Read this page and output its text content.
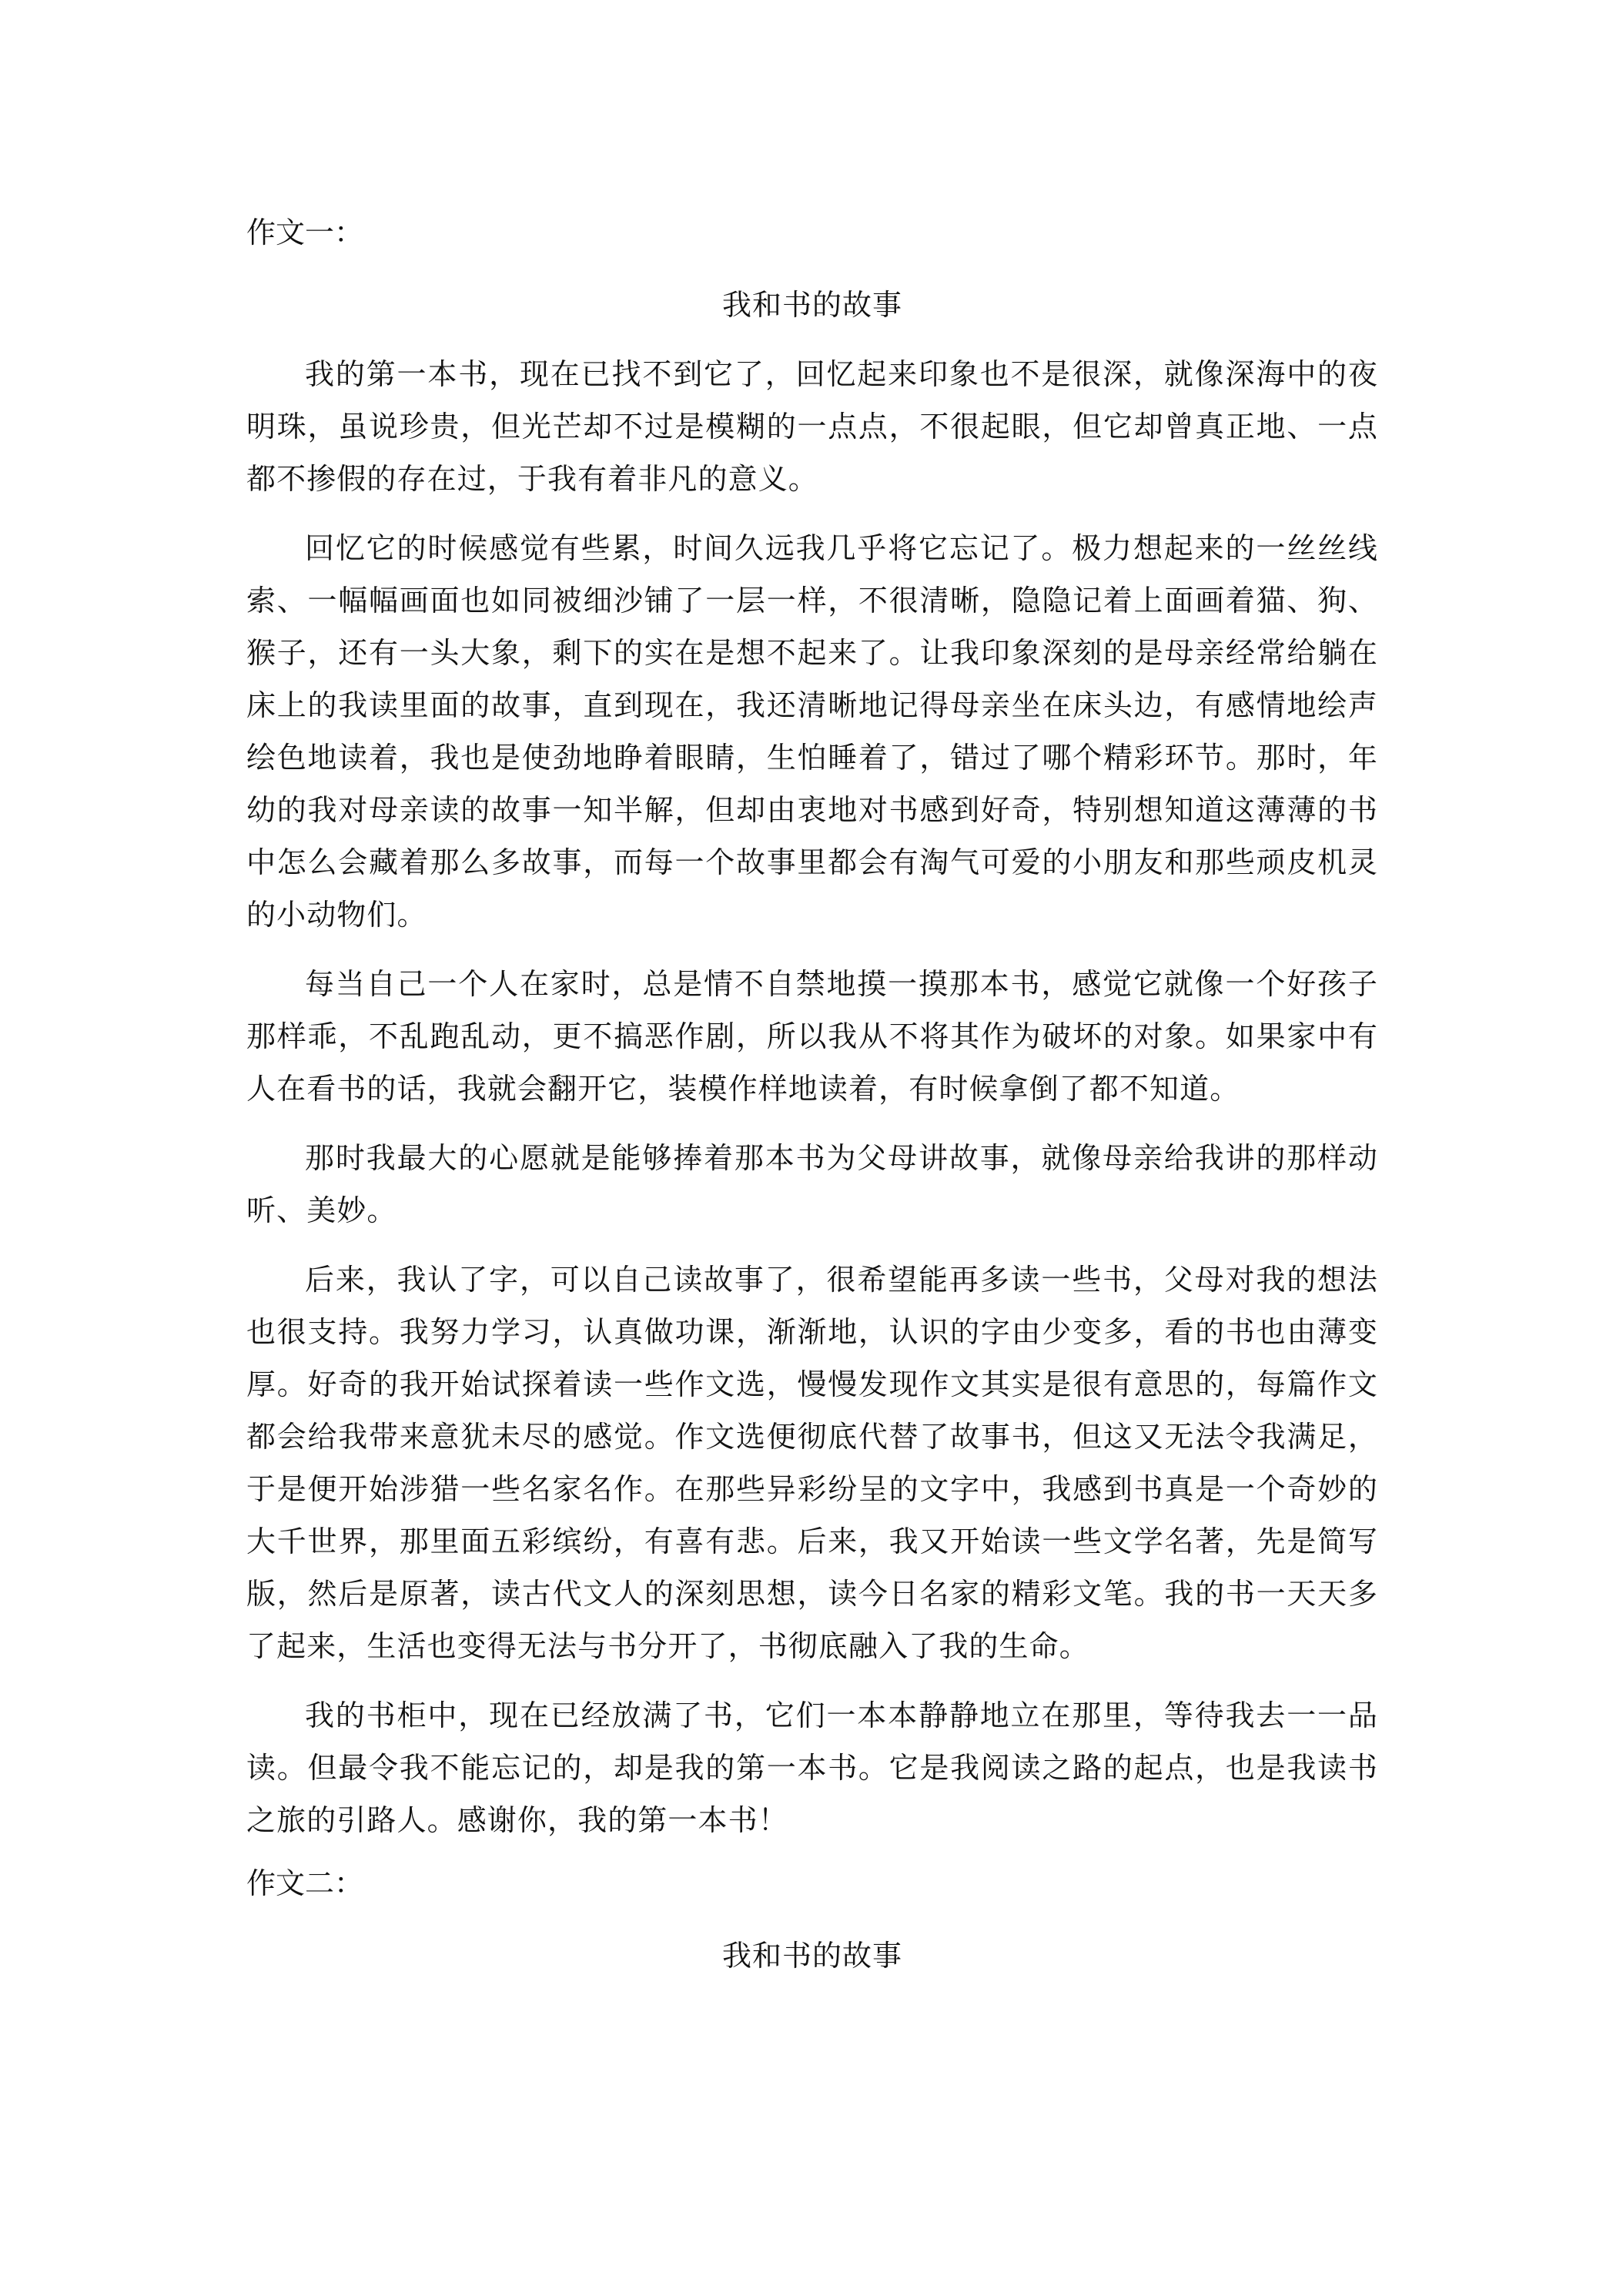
作文一：

我和书的故事

我的第一本书，现在已找不到它了，回忆起来印象也不是很深，就像深海中的夜明珠，虽说珍贵，但光芒却不过是模糊的一点点，不很起眼，但它却曾真正地、一点都不掺假的存在过，于我有着非凡的意义。

回忆它的时候感觉有些累，时间久远我几乎将它忘记了。极力想起来的一丝丝线索、一幅幅画面也如同被细沙铺了一层一样，不很清晰，隐隐记着上面画着猫、狗、猴子，还有一头大象，剩下的实在是想不起来了。让我印象深刻的是母亲经常给躺在床上的我读里面的故事，直到现在，我还清晰地记得母亲坐在床头边，有感情地绘声绘色地读着，我也是使劲地睁着眼睛，生怕睡着了，错过了哪个精彩环节。那时，年幼的我对母亲读的故事一知半解，但却由衷地对书感到好奇，特别想知道这薄薄的书中怎么会藏着那么多故事，而每一个故事里都会有淘气可爱的小朋友和那些顽皮机灵的小动物们。

每当自己一个人在家时，总是情不自禁地摸一摸那本书，感觉它就像一个好孩子那样乖，不乱跑乱动，更不搞恶作剧，所以我从不将其作为破坏的对象。如果家中有人在看书的话，我就会翻开它，装模作样地读着，有时候拿倒了都不知道。

那时我最大的心愿就是能够捧着那本书为父母讲故事，就像母亲给我讲的那样动听、美妙。

后来，我认了字，可以自己读故事了，很希望能再多读一些书，父母对我的想法也很支持。我努力学习，认真做功课，渐渐地，认识的字由少变多，看的书也由薄变厚。好奇的我开始试探着读一些作文选，慢慢发现作文其实是很有意思的，每篇作文都会给我带来意犹未尽的感觉。作文选便彻底代替了故事书，但这又无法令我满足，于是便开始涉猎一些名家名作。在那些异彩纷呈的文字中，我感到书真是一个奇妙的大千世界，那里面五彩缤纷，有喜有悲。后来，我又开始读一些文学名著，先是简写版，然后是原著，读古代文人的深刻思想，读今日名家的精彩文笔。我的书一天天多了起来，生活也变得无法与书分开了，书彻底融入了我的生命。

我的书柜中，现在已经放满了书，它们一本本静静地立在那里，等待我去一一品读。但最令我不能忘记的，却是我的第一本书。它是我阅读之路的起点，也是我读书之旅的引路人。感谢你，我的第一本书！

作文二：

我和书的故事
